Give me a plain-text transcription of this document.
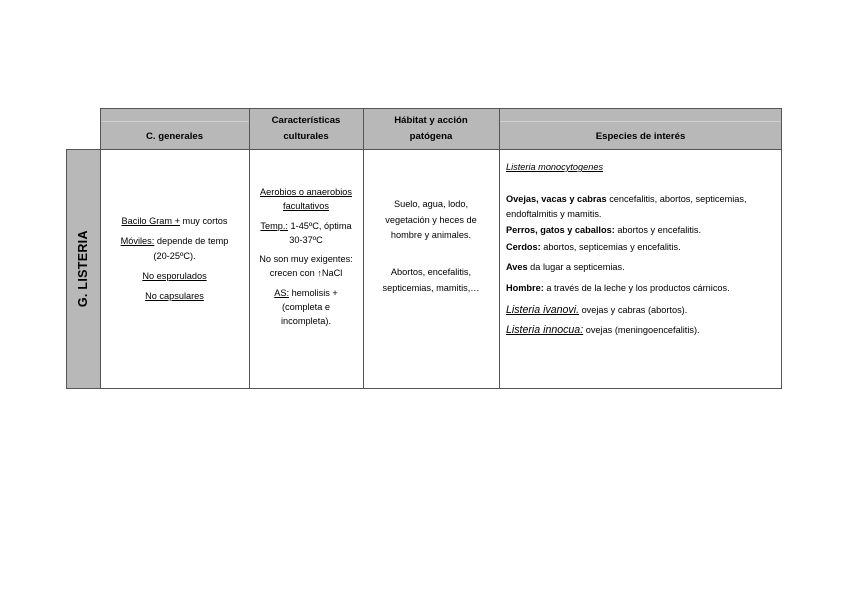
G. LISTERIA
C. generales
Características
culturales
Hábitat y acción
patógena	Especies de interés

Bacilo Gram + muy cortos

Móviles: depende de temp

(20-25ºC).

No esporulados

No capsulares

Aerobios o anaerobios

facultativos

Temp.: 1-45ºC, óptima

30-37ºC

No son muy exigentes:

crecen con ↑NaCl

AS: hemolisis +

(completa e

incompleta).

Suelo, agua, lodo,

vegetación y heces de

hombre y animales.

Abortos, encefalitis,

septicemias, mamitis,…

Listeria monocytogenes

Ovejas, vacas y cabras cencefalitis, abortos, septicemias,

endoftalmitis y mamitis.

Perros, gatos y caballos: abortos y encefalitis.

Cerdos: abortos, septicemias y encefalitis.

Aves da lugar a septicemias.

Hombre: a través de la leche y los productos cárnicos.

Listeria ivanovi. ovejas y cabras (abortos).

Listeria innocua: ovejas (meningoencefalitis).
